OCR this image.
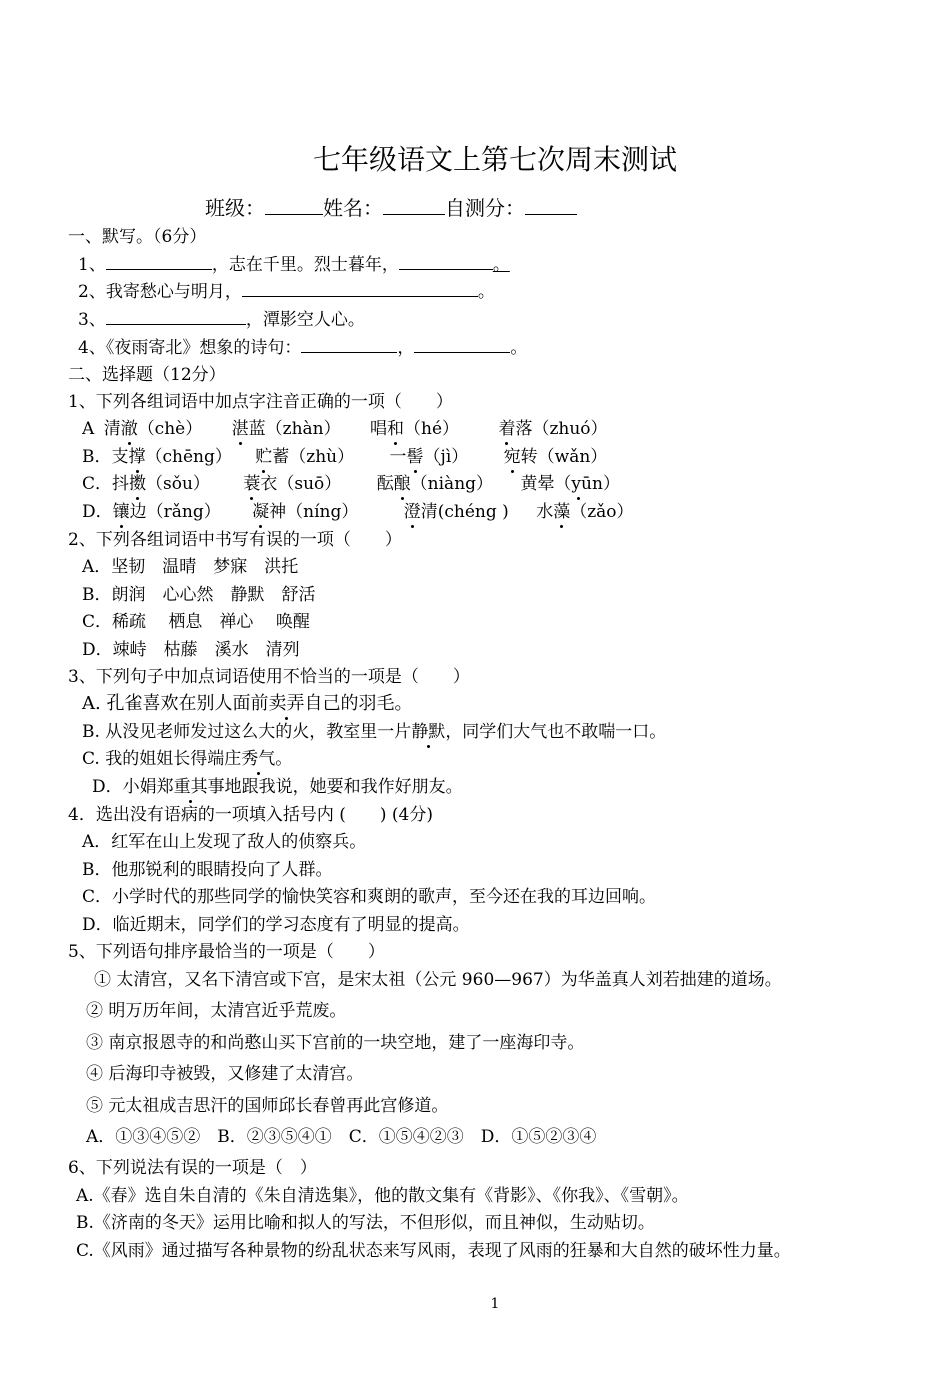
七年级语文上第七次周末测试
班级：	姓名：	自测分：
一、默写。（6分）
1、	，志在千里。烈士暮年，	。
2、我寄愁心与明月，	。
3、	，潭影空人心。
4、《夜雨寄北》想象的诗句：	，	。
二、选择题（12分）
1、下列各组词语中加点字注音正确的一项（　　）
A 清澈（chè） 湛蓝（zhàn） 唱和（hé） 着落（zhuó）
B．支撑（chēng） 贮蓄（zhù） 一髻（jì） 宛转（wǎn）
C．抖擞（sǒu） 蓑衣（suō） 酝酿（niàng） 黄晕（yūn）
D．镶边（rǎng） 凝神（níng）	澄清(chéng ) 水藻（zǎo）
2、下列各组词语中书写有误的一项（　　）
A．坚韧　温晴　梦寐　洪托
B．朗润　心心然　静默　舒活
C．稀疏　 栖息　禅心　 唤醒
D．竦峙　枯藤　溪水　清列
3、下列句子中加点词语使用不恰当的一项是（　　）
A. 孔雀喜欢在别人面前卖弄自己的羽毛。
B. 从没见老师发过这么大的火，教室里一片静默，同学们大气也不敢喘一口。
C. 我的姐姐长得端庄秀气。
D．小娟郑重其事地跟我说，她要和我作好朋友。
4．选出没有语病的一项填入括号内 (　　) (4分)
A．红军在山上发现了敌人的侦察兵。
B．他那锐利的眼睛投向了人群。
C．小学时代的那些同学的愉快笑容和爽朗的歌声，至今还在我的耳边回响。
D．临近期末，同学们的学习态度有了明显的提高。
5、下列语句排序最恰当的一项是（　　）
① 太清宫，又名下清宫或下宫，是宋太祖（公元 960—967）为华盖真人刘若拙建的道场。
② 明万历年间，太清宫近乎荒废。
③ 南京报恩寺的和尚憨山买下宫前的一块空地，建了一座海印寺。
④ 后海印寺被毁，又修建了太清宫。
⑤ 元太祖成吉思汗的国师邱长春曾再此宫修道。
A．①③④⑤②　B．②③⑤④①　C．①⑤④②③　D．①⑤②③④
6、下列说法有误的一项是（　）
A.《春》选自朱自清的《朱自清选集》，他的散文集有《背影》、《你我》、《雪朝》。
B.《济南的冬天》运用比喻和拟人的写法，不但形似，而且神似，生动贴切。
C.《风雨》通过描写各种景物的纷乱状态来写风雨，表现了风雨的狂暴和大自然的破坏性力量。
1
